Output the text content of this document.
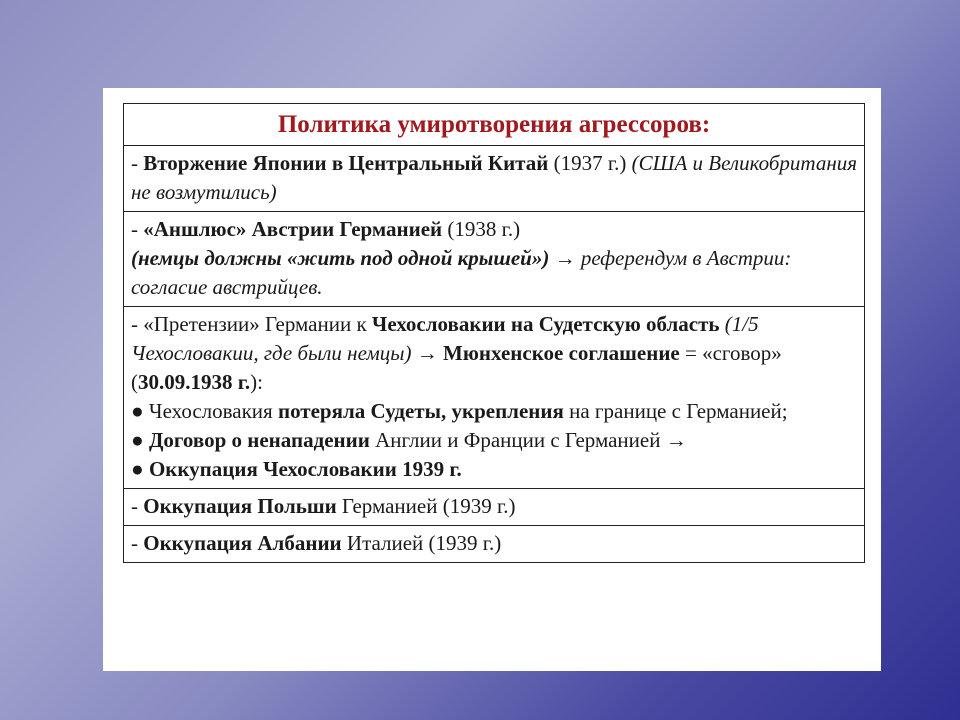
Политика умиротворения агрессоров:
- Вторжение Японии в Центральный Китай (1937 г.) (США и Великобритания не возмутились)
- «Аншлюс» Австрии Германией (1938 г.)
(немцы должны «жить под одной крышей») → референдум в Австрии: согласие австрийцев.

- «Претензии» Германии к Чехословакии на Судетскую область (1/5 Чехословакии, где были немцы) → Мюнхенское соглашение = «сговор» (30.09.1938 г.):
● Чехословакия потеряла Судеты, укрепления на границе с Германией;
● Договор о ненападении Англии и Франции с Германией →
● Оккупация Чехословакии 1939 г.

- Оккупация Польши Германией (1939 г.)
- Оккупация Албании Италией (1939 г.)
